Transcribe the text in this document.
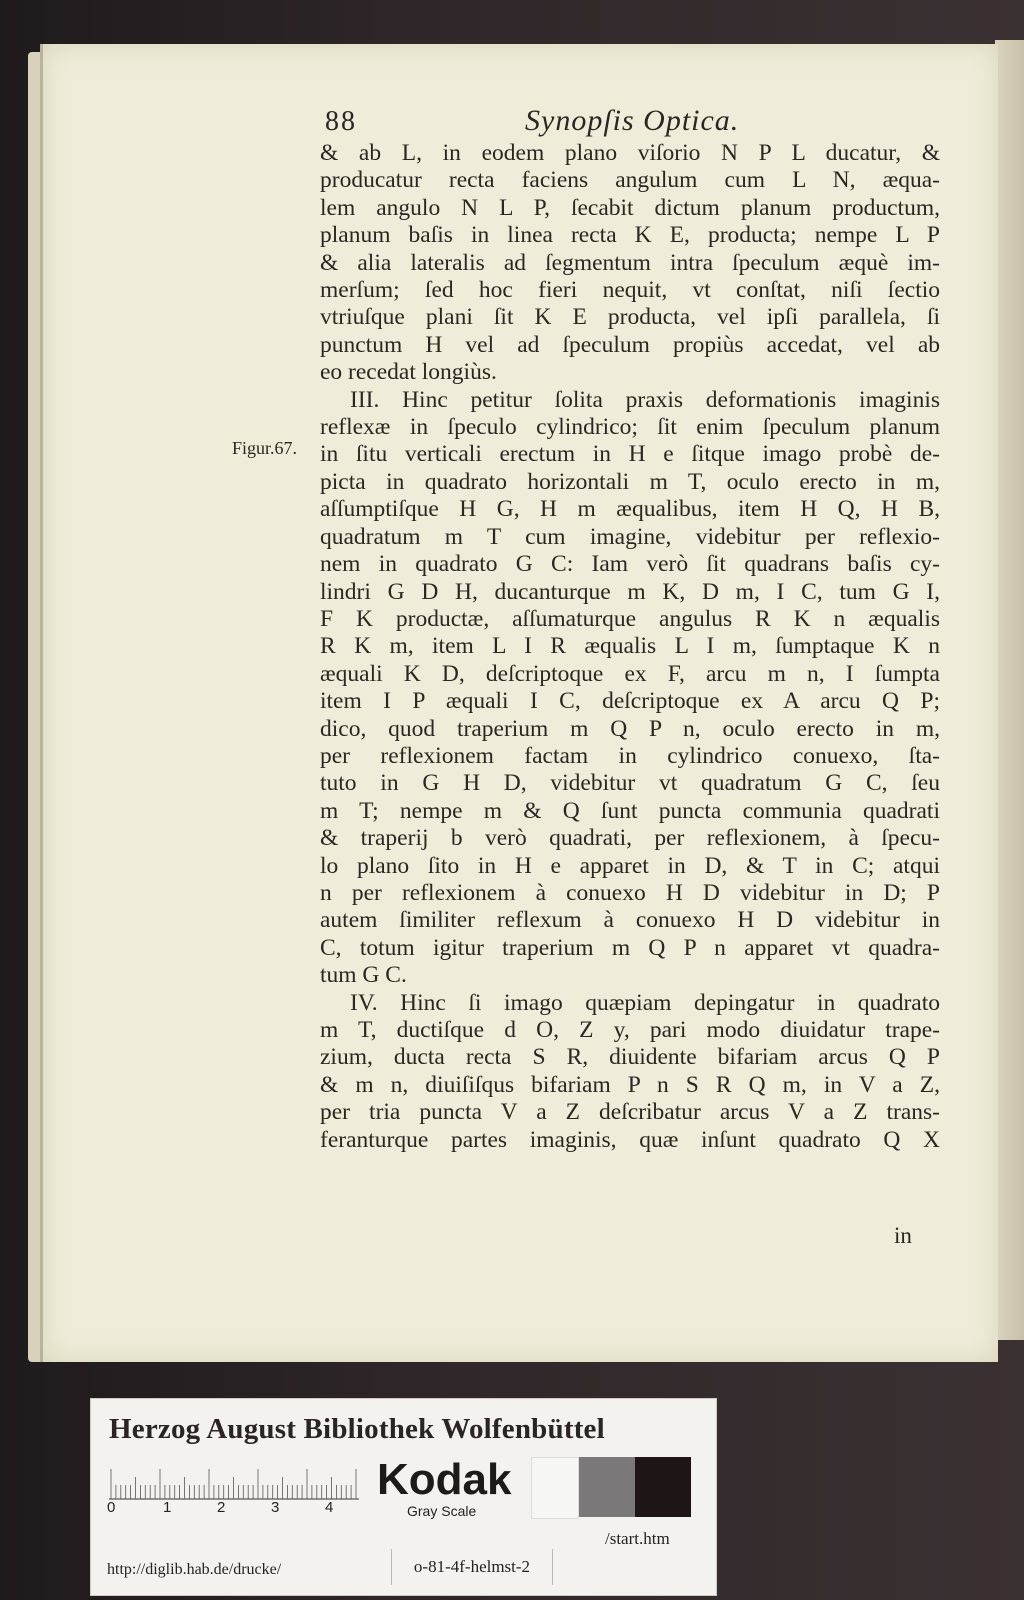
88	Synopſis Optica.
Figur.67.
& ab L, in eodem plano viſorio N P L ducatur, &
producatur recta faciens angulum cum L N, æqua-
lem angulo N L P, ſecabit dictum planum productum,
planum baſis in linea recta K E, producta; nempe L P
& alia lateralis ad ſegmentum intra ſpeculum æquè im-
merſum; ſed hoc fieri nequit, vt conſtat, niſi ſectio
vtriuſque plani ſit K E producta, vel ipſi parallela, ſi
punctum H vel ad ſpeculum propiùs accedat, vel ab
eo recedat longiùs.
III. Hinc petitur ſolita praxis deformationis imaginis
reflexæ in ſpeculo cylindrico; ſit enim ſpeculum planum
in ſitu verticali erectum in H e ſitque imago probè de-
picta in quadrato horizontali m T, oculo erecto in m,
aſſumptiſque H G, H m æqualibus, item H Q, H B,
quadratum m T cum imagine, videbitur per reflexio-
nem in quadrato G C: Iam verò ſit quadrans baſis cy-
lindri G D H, ducanturque m K, D m, I C, tum G I,
F K productæ, aſſumaturque angulus R K n æqualis
R K m, item L I R æqualis L I m, ſumptaque K n
æquali K D, deſcriptoque ex F, arcu m n, I ſumpta
item I P æquali I C, deſcriptoque ex A arcu Q P;
dico, quod traperium m Q P n, oculo erecto in m,
per reflexionem factam in cylindrico conuexo, ſta-
tuto in G H D, videbitur vt quadratum G C, ſeu
m T; nempe m & Q ſunt puncta communia quadrati
& traperij b verò quadrati, per reflexionem, à ſpecu-
lo plano ſito in H e apparet in D, & T in C; atqui
n per reflexionem à conuexo H D videbitur in D; P
autem ſimiliter reflexum à conuexo H D videbitur in
C, totum igitur traperium m Q P n apparet vt quadra-
tum G C.
IV. Hinc ſi imago quæpiam depingatur in quadrato
m T, ductiſque d O, Z y, pari modo diuidatur trape-
zium, ducta recta S R, diuidente bifariam arcus Q P
& m n, diuiſiſqus bifariam P n S R Q m, in V a Z,
per tria puncta V a Z deſcribatur arcus V a Z trans-
feranturque partes imaginis, quæ inſunt quadrato Q X
in
Herzog August Bibliothek Wolfenbüttel
0	1	2	3	4
Kodak
Gray Scale
http://diglib.hab.de/drucke/	o-81-4f-helmst-2
/start.htm
